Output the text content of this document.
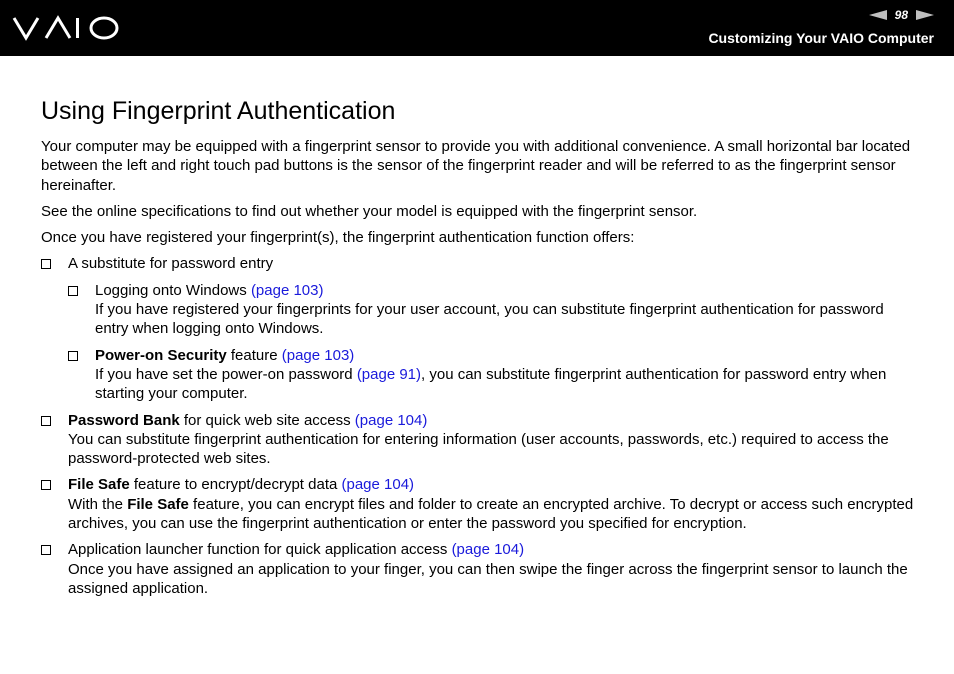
98
Customizing Your VAIO Computer
Using Fingerprint Authentication

Your computer may be equipped with a fingerprint sensor to provide you with additional convenience. A small horizontal bar located between the left and right touch pad buttons is the sensor of the fingerprint reader and will be referred to as the fingerprint sensor hereinafter.

See the online specifications to find out whether your model is equipped with the fingerprint sensor.

Once you have registered your fingerprint(s), the fingerprint authentication function offers:

A substitute for password entry
Logging onto Windows (page 103)
If you have registered your fingerprints for your user account, you can substitute fingerprint authentication for password entry when logging onto Windows.
Power-on Security feature (page 103)
If you have set the power-on password (page 91), you can substitute fingerprint authentication for password entry when starting your computer.
Password Bank for quick web site access (page 104)
You can substitute fingerprint authentication for entering information (user accounts, passwords, etc.) required to access the password-protected web sites.
File Safe feature to encrypt/decrypt data (page 104)
With the File Safe feature, you can encrypt files and folder to create an encrypted archive. To decrypt or access such encrypted archives, you can use the fingerprint authentication or enter the password you specified for encryption.
Application launcher function for quick application access (page 104)
Once you have assigned an application to your finger, you can then swipe the finger across the fingerprint sensor to launch the assigned application.
